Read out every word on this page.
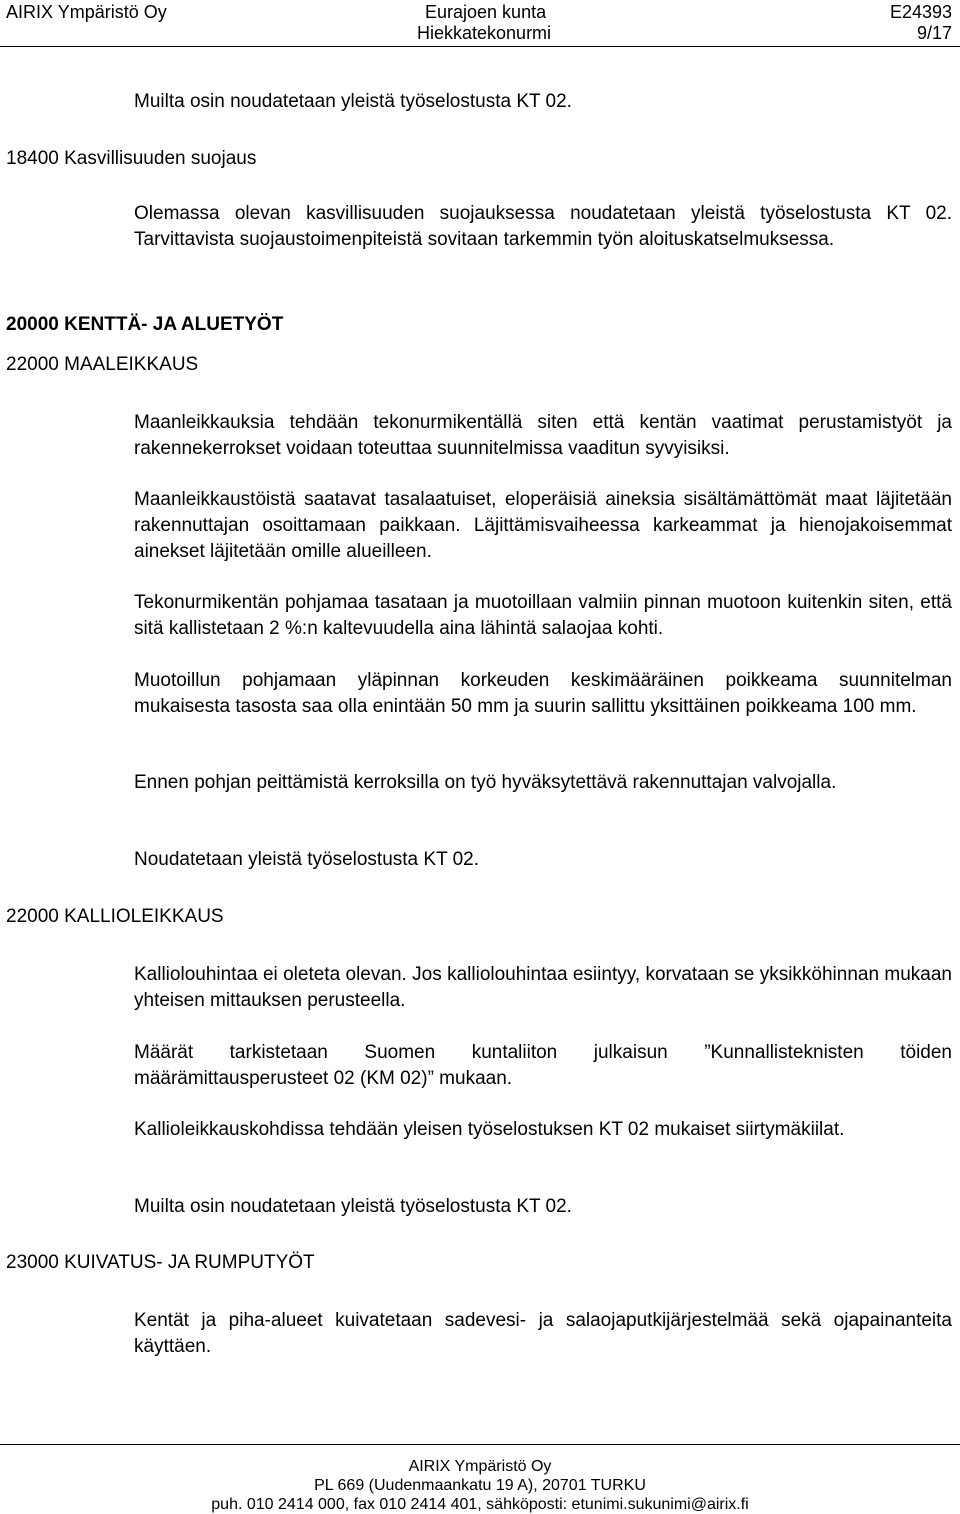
AIRIX Ympäristö Oy	Eurajoen kunta
Hiekkatekonurmi
E24393
9/17
Muilta osin noudatetaan yleistä työselostusta KT 02.
18400 Kasvillisuuden suojaus
Olemassa olevan kasvillisuuden suojauksessa noudatetaan yleistä työselostusta KT 02. Tarvittavista suojaustoimenpiteistä sovitaan tarkemmin työn aloituskatselmuksessa.
20000 KENTTÄ- JA ALUETYÖT
22000 MAALEIKKAUS
Maanleikkauksia tehdään tekonurmikentällä siten että kentän vaatimat perustamistyöt ja rakennekerrokset voidaan toteuttaa suunnitelmissa vaaditun syvyisiksi.
Maanleikkaustöistä saatavat tasalaatuiset, eloperäisiä aineksia sisältämättömät maat läjitetään rakennuttajan osoittamaan paikkaan. Läjittämisvaiheessa karkeammat ja hienojakoisemmat ainekset läjitetään omille alueilleen.
Tekonurmikentän pohjamaa tasataan ja muotoillaan valmiin pinnan muotoon kuitenkin siten, että sitä kallistetaan 2 %:n kaltevuudella aina lähintä salaojaa kohti.
Muotoillun pohjamaan yläpinnan korkeuden keskimääräinen poikkeama suunnitelman mukaisesta tasosta saa olla enintään 50 mm ja suurin sallittu yksittäinen poikkeama 100 mm.
Ennen pohjan peittämistä kerroksilla on työ hyväksytettävä rakennuttajan valvojalla.
Noudatetaan yleistä työselostusta KT 02.
22000 KALLIOLEIKKAUS
Kalliolouhintaa ei oleteta olevan. Jos kalliolouhintaa esiintyy, korvataan se yksikköhinnan mukaan yhteisen mittauksen perusteella.
Määrät tarkistetaan Suomen kuntaliiton julkaisun ”Kunnallisteknisten töiden määrämittausperusteet 02 (KM 02)” mukaan.
Kallioleikkauskohdissa tehdään yleisen työselostuksen KT 02 mukaiset siirtymäkiilat.
Muilta osin noudatetaan yleistä työselostusta KT 02.
23000 KUIVATUS- JA RUMPUTYÖT
Kentät ja piha-alueet kuivatetaan sadevesi- ja salaojaputkijärjestelmää sekä ojapainanteita käyttäen.
AIRIX Ympäristö Oy
PL 669 (Uudenmaankatu 19 A), 20701 TURKU
puh. 010 2414 000, fax 010 2414 401, sähköposti: etunimi.sukunimi@airix.fi
